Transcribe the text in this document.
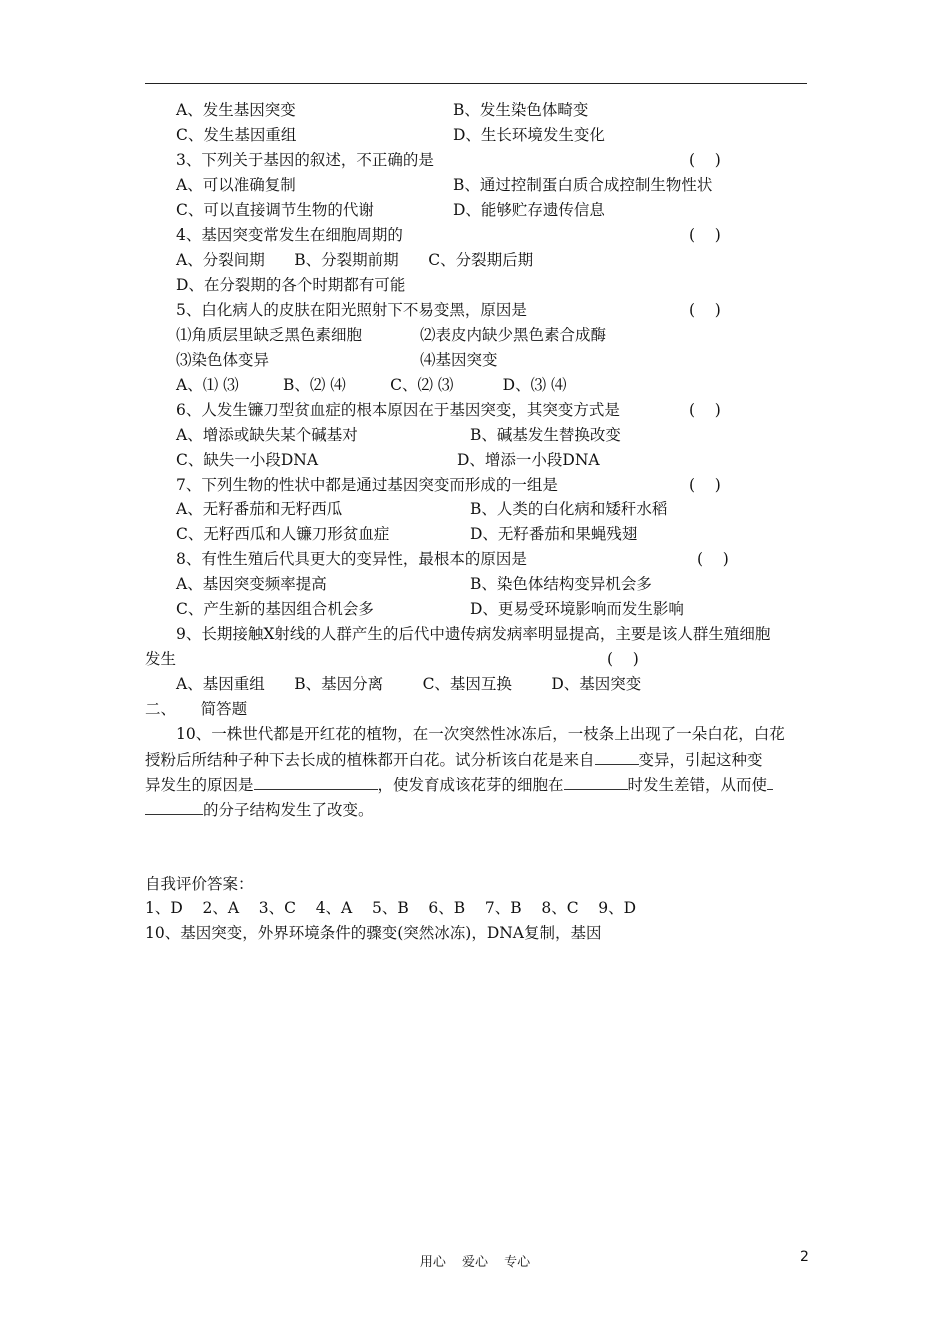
A、发生基因突变	B、发生染色体畸变
C、发生基因重组	D、生长环境发生变化
3、下列关于基因的叙述，不正确的是	(    )
A、可以准确复制	B、通过控制蛋白质合成控制生物性状
C、可以直接调节生物的代谢	D、能够贮存遗传信息
4、基因突变常发生在细胞周期的	(    )
A、分裂间期      B、分裂期前期      C、分裂期后期
D、在分裂期的各个时期都有可能
5、白化病人的皮肤在阳光照射下不易变黑，原因是	(    )
⑴角质层里缺乏黑色素细胞	⑵表皮内缺少黑色素合成酶
⑶染色体变异	⑷基因突变
A、⑴ ⑶         B、⑵ ⑷         C、⑵ ⑶          D、⑶ ⑷
6、人发生镰刀型贫血症的根本原因在于基因突变，其突变方式是	(    )
A、增添或缺失某个碱基对	B、碱基发生替换改变
C、缺失一小段DNA	D、增添一小段DNA
7、下列生物的性状中都是通过基因突变而形成的一组是	(    )
A、无籽番茄和无籽西瓜	B、人类的白化病和矮秆水稻
C、无籽西瓜和人镰刀形贫血症	D、无籽番茄和果蝇残翅
8、有性生殖后代具更大的变异性，最根本的原因是	(    )
A、基因突变频率提高	B、染色体结构变异机会多
C、产生新的基因组合机会多	D、更易受环境影响而发生影响
9、长期接触X射线的人群产生的后代中遗传病发病率明显提高，主要是该人群生殖细胞
发生	(    )
A、基因重组      B、基因分离        C、基因互换        D、基因突变
二、     简答题
10、一株世代都是开红花的植物，在一次突然性冰冻后，一枝条上出现了一朵白花，白花
授粉后所结种子种下去长成的植株都开白花。试分析该白花是来自	变异，引起这种变
异发生的原因是	，使发育成该花芽的细胞在	时发生差错，从而使
的分子结构发生了改变。
自我评价答案：
1、D    2、A    3、C    4、A    5、B    6、B    7、B    8、C    9、D
10、基因突变，外界环境条件的骤变(突然冰冻)，DNA复制，基因
用心 爱心 专心	2
